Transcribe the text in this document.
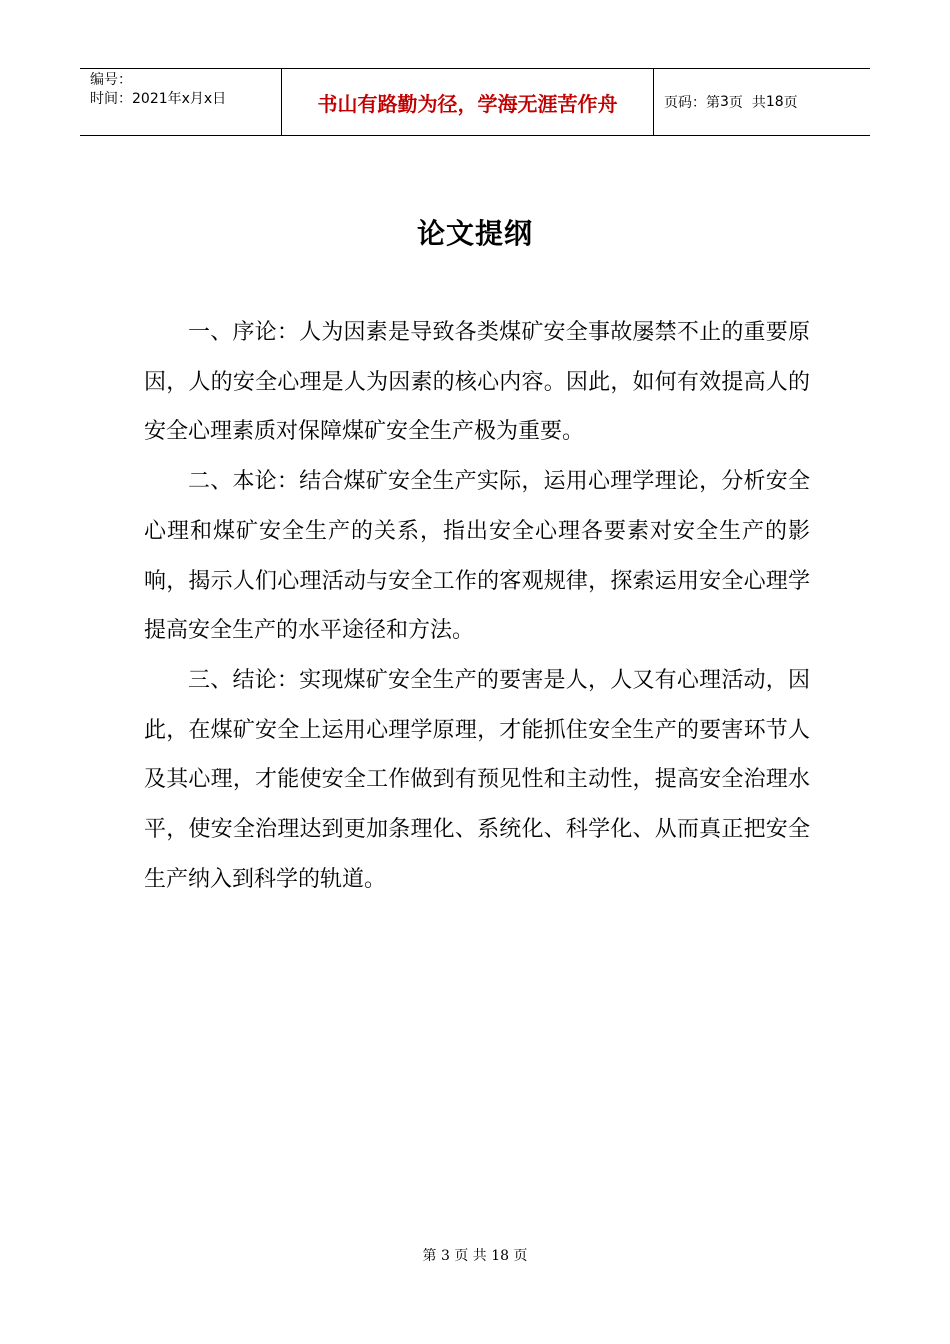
编号：
时间：2021年x月x日	书山有路勤为径，学海无涯苦作舟	页码：第 3 页  共 18 页
论文提纲

一、序论：人为因素是导致各类煤矿安全事故屡禁不止的重要原因，人的安全心理是人为因素的核心内容。因此，如何有效提高人的安全心理素质对保障煤矿安全生产极为重要。

二、本论：结合煤矿安全生产实际，运用心理学理论，分析安全心理和煤矿安全生产的关系，指出安全心理各要素对安全生产的影响，揭示人们心理活动与安全工作的客观规律，探索运用安全心理学提高安全生产的水平途径和方法。

三、结论：实现煤矿安全生产的要害是人，人又有心理活动，因此，在煤矿安全上运用心理学原理，才能抓住安全生产的要害环节人及其心理，才能使安全工作做到有预见性和主动性，提高安全治理水平，使安全治理达到更加条理化、系统化、科学化、从而真正把安全生产纳入到科学的轨道。

第 3 页 共 18 页
